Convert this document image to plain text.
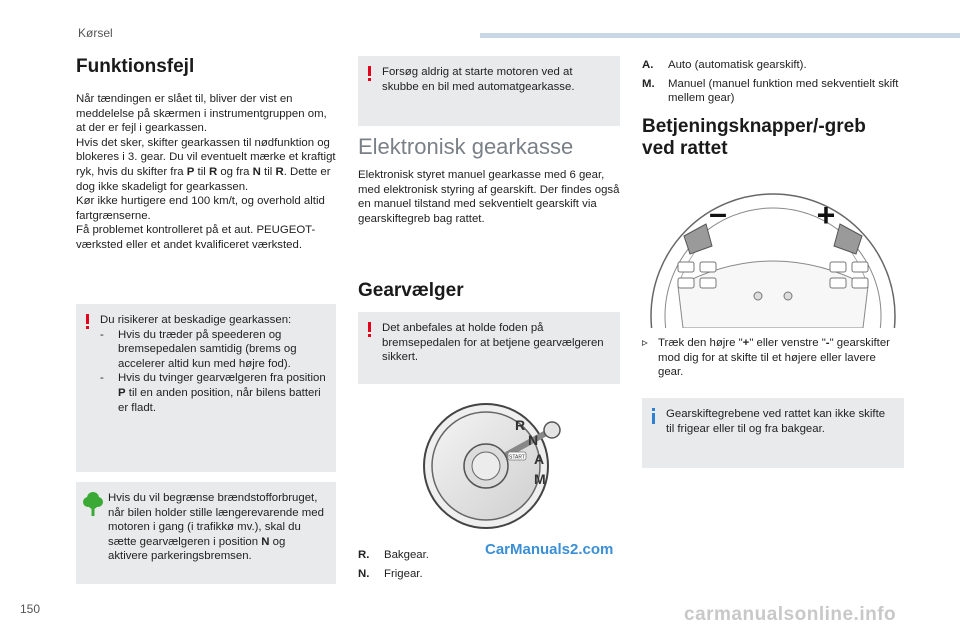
Kørsel
Funktionsfejl

Når tændingen er slået til, bliver der vist en meddelelse på skærmen i instrumentgruppen om, at der er fejl i gearkassen.

Hvis det sker, skifter gearkassen til nødfunktion og blokeres i 3. gear. Du vil eventuelt mærke et kraftigt ryk, hvis du skifter fra P til R og fra N til R. Dette er dog ikke skadeligt for gearkassen.

Kør ikke hurtigere end 100 km/t, og overhold altid fartgrænserne.

Få problemet kontrolleret på et aut. PEUGEOT-værksted eller et andet kvalificeret værksted.

Du risikerer at beskadige gearkassen:

-	Hvis du træder på speederen og bremsepedalen samtidig (brems og accelerer altid kun med højre fod).
-	Hvis du tvinger gearvælgeren fra position P til en anden position, når bilens batteri er fladt.

Hvis du vil begrænse brændstofforbruget, når bilen holder stille længerevarende med motoren i gang (i trafikkø mv.), skal du sætte gearvælgeren i position N og aktivere parkeringsbremsen.

Forsøg aldrig at starte motoren ved at skubbe en bil med automatgearkasse.
Elektronisk gearkasse
Elektronisk styret manuel gearkasse med 6 gear, med elektronisk styring af gearskift. Der findes også en manuel tilstand med sekventielt gearskift via gearskiftegreb bag rattet.
Gearvælger
Det anbefales at holde foden på bremsepedalen for at betjene gearvælgeren sikkert.
START
R
N
A
M
R.	Bakgear.
N.	Frigear.
CarManuals2.com
A.	Auto (automatisk gearskift).
M.	Manuel (manuel funktion med sekventielt skift mellem gear)
Betjeningsknapper/-greb
ved rattet
–	+
▹ Træk den højre "+" eller venstre "-" gearskifter mod dig for at skifte til et højere eller lavere gear.
Gearskiftegrebene ved rattet kan ikke skifte til frigear eller til og fra bakgear.
150	carmanualsonline.info
